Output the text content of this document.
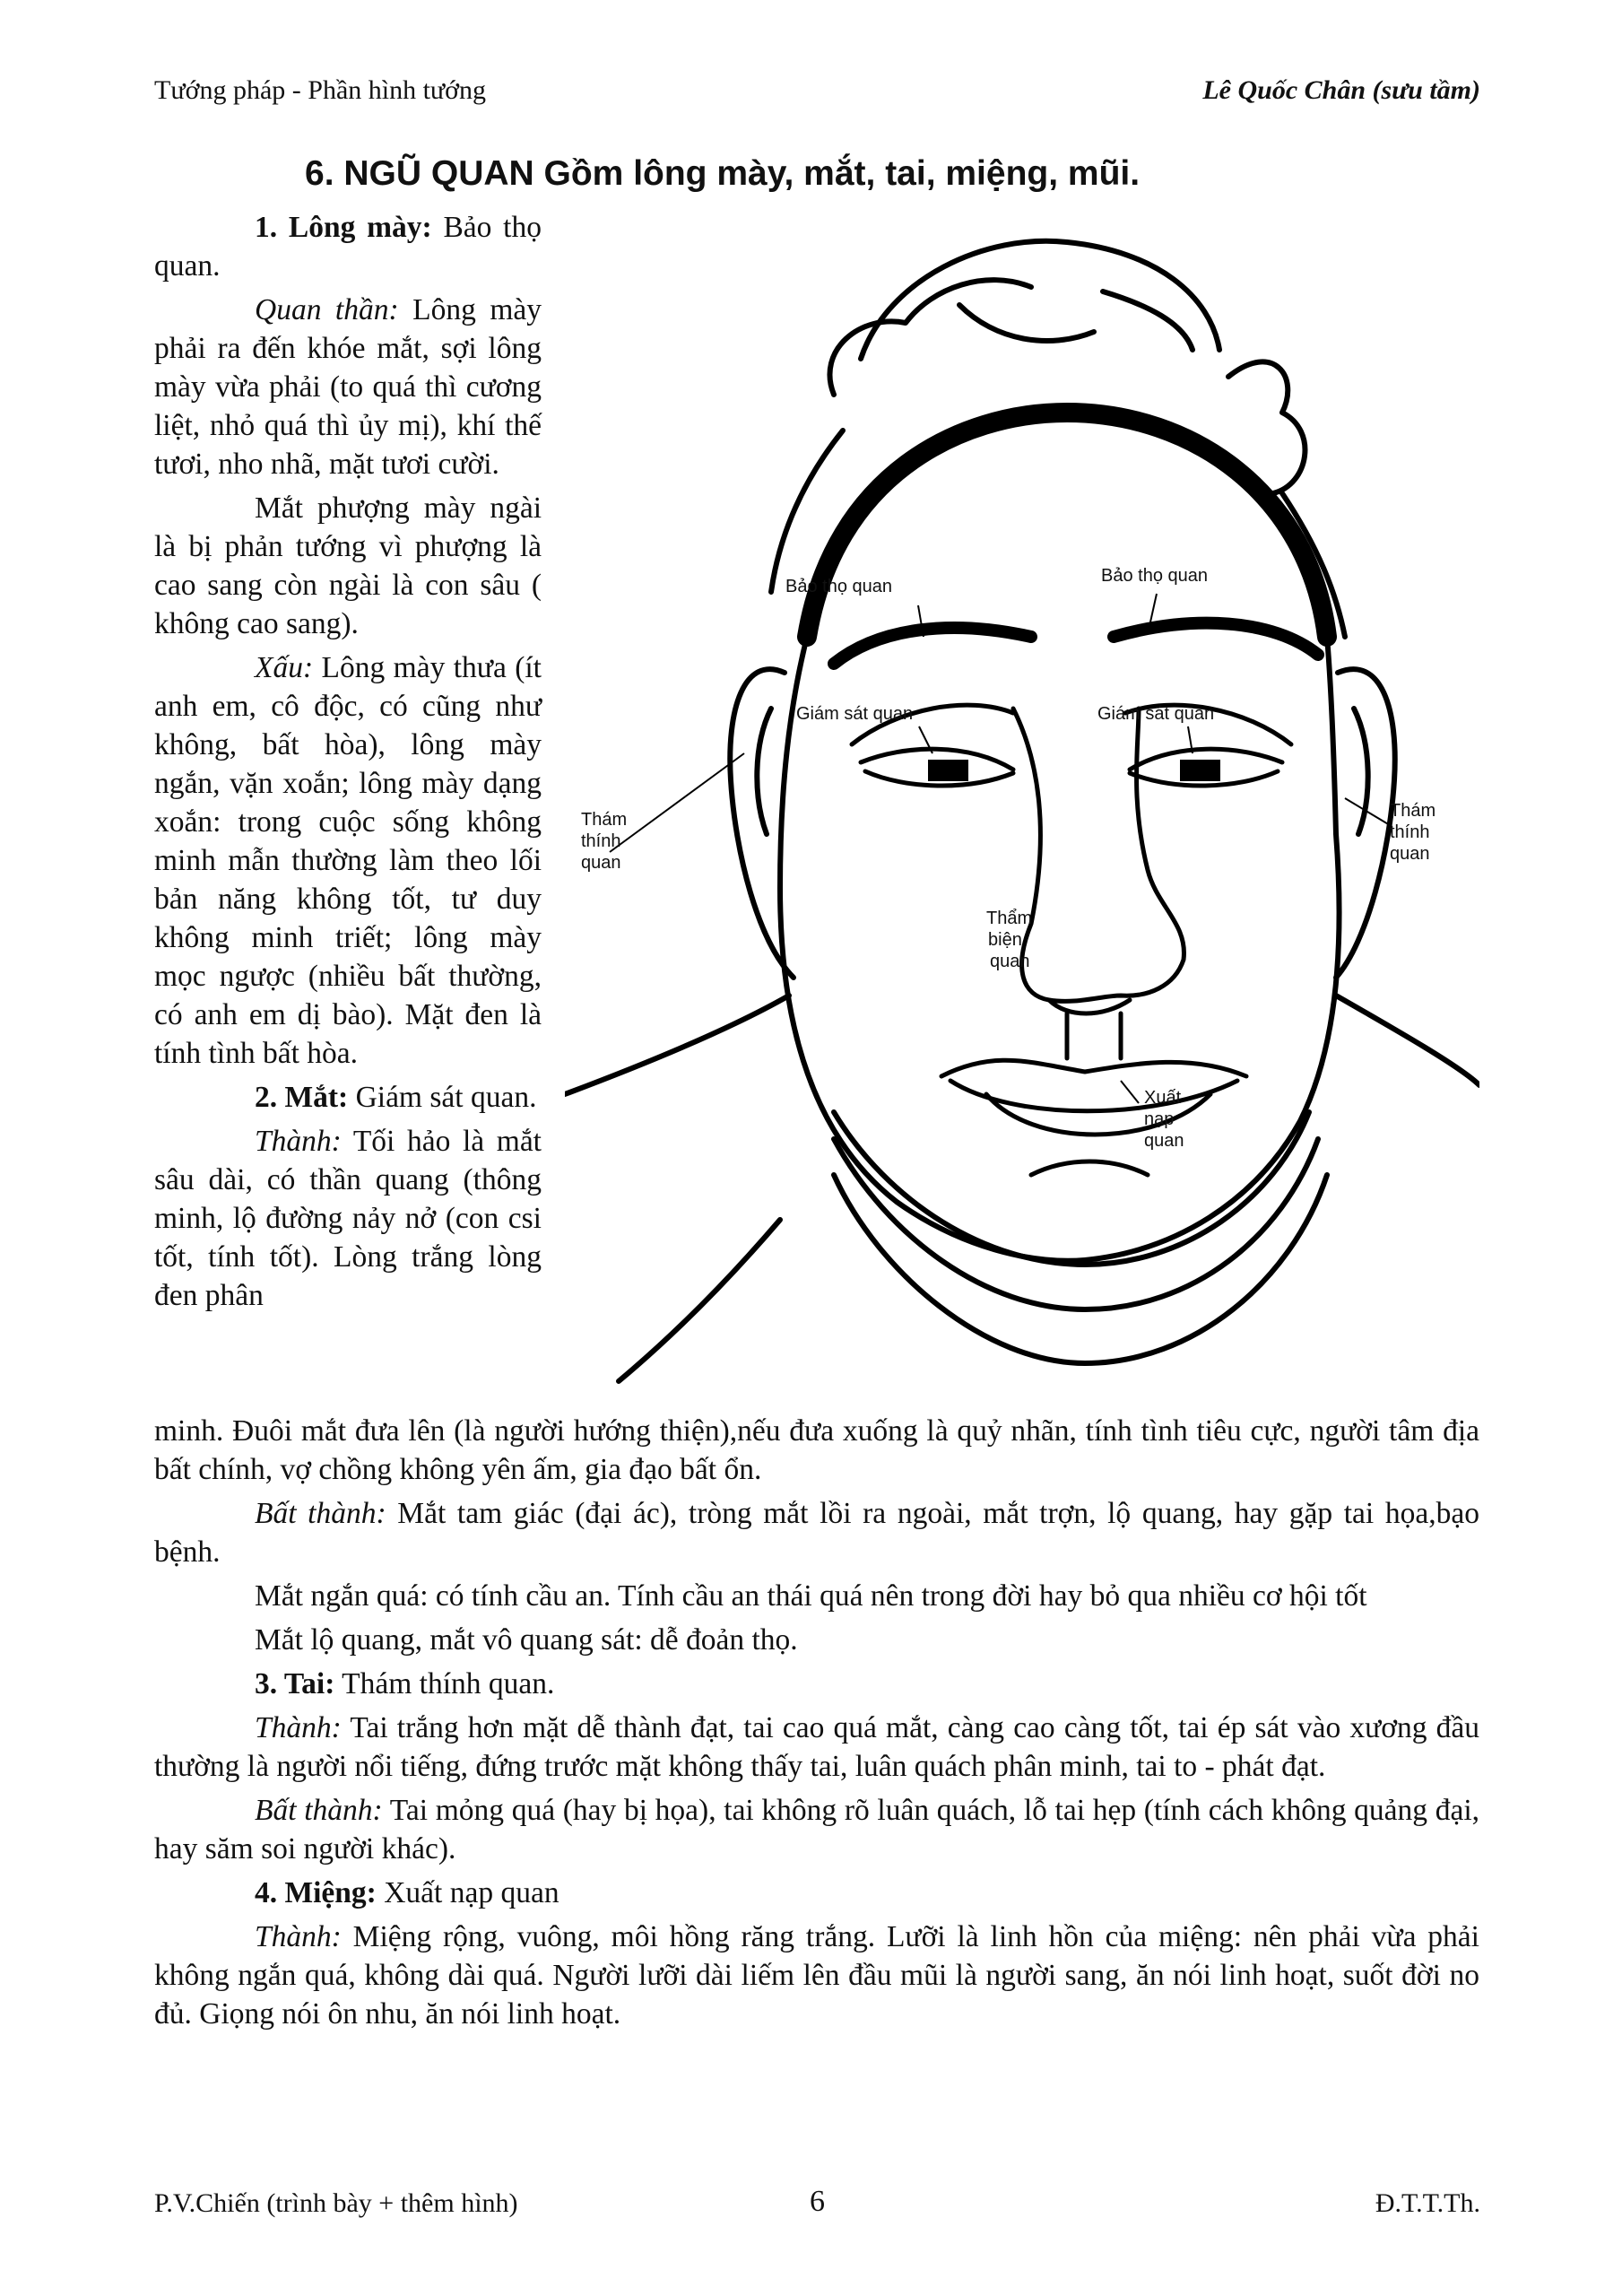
Tướng pháp - Phần hình tướng	Lê Quốc Chân (sưu tầm)
6. NGŨ QUAN Gồm lông mày, mắt, tai, miệng, mũi.

1. Lông mày: Bảo thọ quan.

Quan thần: Lông mày phải ra đến khóe mắt, sợi lông mày vừa phải (to quá thì cương liệt, nhỏ quá thì ủy mị), khí thế tươi, nho nhã, mặt tươi cười.

Mắt phượng mày ngài là bị phản tướng vì phượng là cao sang còn ngài là con sâu ( không cao sang).

Xấu: Lông mày thưa (ít anh em, cô độc, có cũng như không, bất hòa), lông mày ngắn, vặn xoắn; lông mày dạng xoắn: trong cuộc sống không minh mẫn thường làm theo lối bản năng không tốt, tư duy không minh triết; lông mày mọc ngược (nhiều bất thường, có anh em dị bào). Mặt đen là tính tình bất hòa.

2. Mắt: Giám sát quan.

Thành: Tối hảo là mắt sâu dài, có thần quang (thông minh, lộ đường nảy nở (con csi tốt, tính tốt). Lòng trắng lòng đen phân

Bảo thọ quan
Bảo thọ quan
Giám sát quan	Giám sát quan
Thám
thính
quan
Thám
thính
quan
Thẩm
biện
quan
Xuất
nạp
quan

minh. Đuôi mắt đưa lên (là người hướng thiện),nếu đưa xuống là quỷ nhãn, tính tình tiêu cực, người tâm địa bất chính, vợ chồng không yên ấm, gia đạo bất ổn.

Bất thành: Mắt tam giác (đại ác), tròng mắt lồi ra ngoài, mắt trợn, lộ quang, hay gặp tai họa,bạo bệnh.

Mắt ngắn quá: có tính cầu an. Tính cầu an thái quá nên trong đời hay bỏ qua nhiều cơ hội tốt

Mắt lộ quang, mắt vô quang sát: dễ đoản thọ.

3. Tai: Thám thính quan.

Thành: Tai trắng hơn mặt dễ thành đạt, tai cao quá mắt, càng cao càng tốt, tai ép sát vào xương đầu thường là người nổi tiếng, đứng trước mặt không thấy tai, luân quách phân minh, tai to - phát đạt.

Bất thành: Tai mỏng quá (hay bị họa), tai không rõ luân quách, lỗ tai hẹp (tính cách không quảng đại, hay săm soi người khác).

4. Miệng: Xuất nạp quan

Thành: Miệng rộng, vuông, môi hồng răng trắng. Lưỡi là linh hồn của miệng: nên phải vừa phải không ngắn quá, không dài quá. Người lưỡi dài liếm lên đầu mũi là người sang, ăn nói linh hoạt, suốt đời no đủ. Giọng nói ôn nhu, ăn nói linh hoạt.

P.V.Chiến (trình bày + thêm hình)	6	Đ.T.T.Th.
